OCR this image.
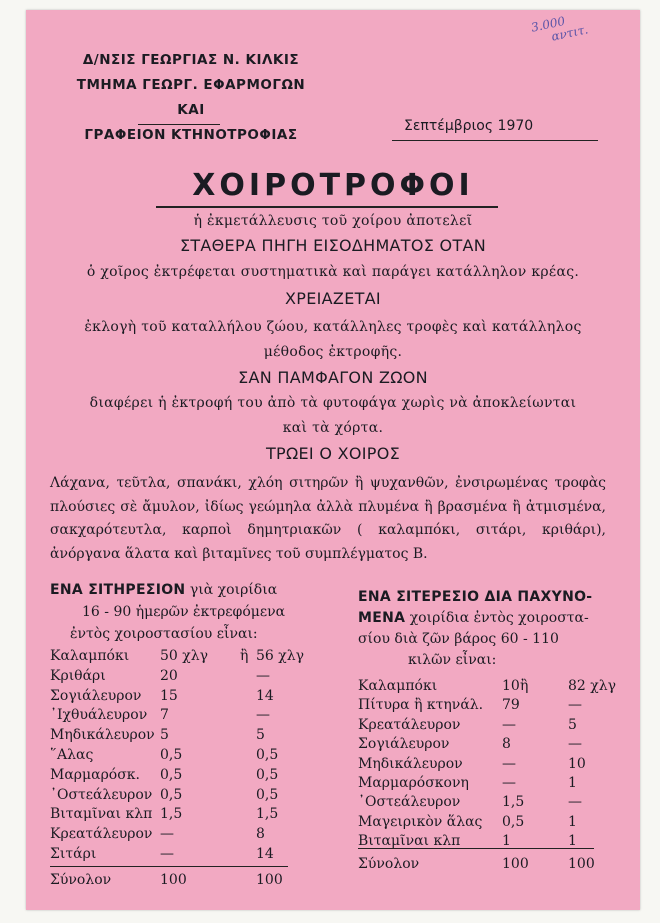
Δ/ΝΣΙΣ ΓΕΩΡΓΙΑΣ Ν. ΚΙΛΚΙΣ
ΤΜΗΜΑ ΓΕΩΡΓ. ΕΦΑΡΜΟΓΩΝ ΚΑΙ
ΓΡΑΦΕΙΟΝ ΚΤΗΝΟΤΡΟΦΙΑΣ
3.000
αντιτ.
Σεπτέμβριος 1970
ΧΟΙΡΟΤΡΟΦΟΙ
ἡ ἐκμετάλλευσις τοῦ χοίρου ἀποτελεῖ
ΣΤΑΘΕΡΑ ΠΗΓΗ ΕΙΣΟΔΗΜΑΤΟΣ ΟΤΑΝ
ὁ χοῖρος ἐκτρέφεται συστηματικὰ καὶ παράγει κατάλληλον κρέας.
ΧΡΕΙΑΖΕΤΑΙ
ἐκλογὴ τοῦ καταλλήλου ζώου, κατάλληλες τροφὲς καὶ κατάλληλος
μέθοδος ἐκτροφῆς.
ΣΑΝ ΠΑΜΦΑΓΟΝ ΖΩΟΝ
διαφέρει ἡ ἐκτροφή του ἀπὸ τὰ φυτοφάγα χωρὶς νὰ ἀποκλείωνται
καὶ τὰ χόρτα.
ΤΡΩΕΙ Ο ΧΟΙΡΟΣ
Λάχανα, τεῦτλα, σπανάκι, χλόη σιτηρῶν ἢ ψυχανθῶν, ἐνσιρωμένας τροφὰς πλούσιες σὲ ἄμυλον, ἰδίως γεώμηλα ἀλλὰ πλυμένα ἢ βρασμένα ἢ ἀτμισμένα, σακχαρότευτλα, καρποὶ δημητριακῶν ( καλαμπόκι, σιτάρι, κριθάρι), ἀνόργανα ἅλατα καὶ βιταμῖνες τοῦ συμπλέγματος Β.
ΕΝΑ ΣΙΤΗΡΕΣΙΟΝ γιὰ χοιρίδια
16 - 90 ἡμερῶν ἐκτρεφόμενα
ἐντὸς χοιροστασίου εἶναι:
Καλαμπόκι 50 χλγ ἢ 56 χλγ
Κριθάρι	20	—
Σογιάλευρον 15	14
᾿Ιχθυάλευρον 7	—
Μηδικάλευρον 5	5
῞Αλας	0,5	0,5
Μαρμαρόσκ. 0,5	0,5
᾿Οστεάλευρον 0,5	0,5
Βιταμῖναι κλπ 1,5	1,5
Κρεατάλευρον —	8
Σιτάρι	—	14
Σύνολον	100	100
ΕΝΑ ΣΙΤΕΡΕΣΙΟ ΔΙΑ ΠΑΧΥΝΟ-
ΜΕΝΑ χοιρίδια ἐντὸς χοιροστα-
σίου διὰ ζῶν βάρος 60 - 110
κιλῶν εἶναι:
Καλαμπόκι	10 ἢ	82 χλγ
Πίτυρα ἢ κτηνάλ. 79	—
Κρεατάλευρον	—	5
Σογιάλευρον	8	—
Μηδικάλευρον	—	10
Μαρμαρόσκονη —	1
᾿Οστεάλευρον	1,5	—
Μαγειρικὸν ἅλας 0,5	1
Βιταμῖναι κλπ	1	1
Σύνολον	100	100
